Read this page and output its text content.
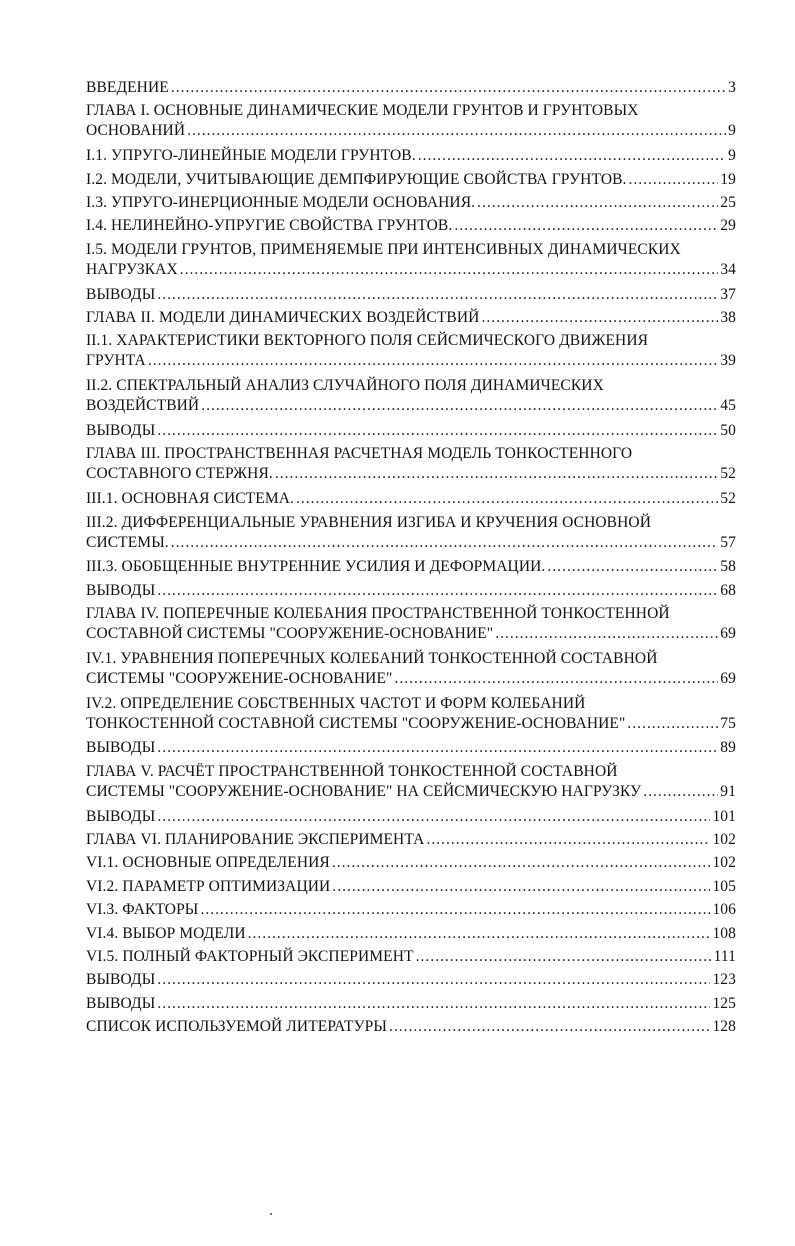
ВВЕДЕНИЕ .....	3
ГЛАВА I. ОСНОВНЫЕ ДИНАМИЧЕСКИЕ МОДЕЛИ ГРУНТОВ И ГРУНТОВЫХ
ОСНОВАНИЙ .....	9
I.1. УПРУГО-ЛИНЕЙНЫЕ МОДЕЛИ ГРУНТОВ. .....	9
I.2. МОДЕЛИ, УЧИТЫВАЮЩИЕ ДЕМПФИРУЮЩИЕ СВОЙСТВА ГРУНТОВ. .....	19
I.3. УПРУГО-ИНЕРЦИОННЫЕ МОДЕЛИ ОСНОВАНИЯ. .....	25
I.4. НЕЛИНЕЙНО-УПРУГИЕ СВОЙСТВА ГРУНТОВ. .....	29
I.5. МОДЕЛИ ГРУНТОВ, ПРИМЕНЯЕМЫЕ ПРИ ИНТЕНСИВНЫХ ДИНАМИЧЕСКИХ
НАГРУЗКАХ .....	34
ВЫВОДЫ .....	37
ГЛАВА II. МОДЕЛИ ДИНАМИЧЕСКИХ ВОЗДЕЙСТВИЙ .....	38
II.1. ХАРАКТЕРИСТИКИ ВЕКТОРНОГО ПОЛЯ СЕЙСМИЧЕСКОГО ДВИЖЕНИЯ
ГРУНТА .....	39
II.2. СПЕКТРАЛЬНЫЙ АНАЛИЗ СЛУЧАЙНОГО ПОЛЯ ДИНАМИЧЕСКИХ
ВОЗДЕЙСТВИЙ .....	45
ВЫВОДЫ .....	50
ГЛАВА III. ПРОСТРАНСТВЕННАЯ РАСЧЕТНАЯ МОДЕЛЬ ТОНКОСТЕННОГО
СОСТАВНОГО СТЕРЖНЯ. .....	52
III.1. ОСНОВНАЯ СИСТЕМА. .....	52
III.2. ДИФФЕРЕНЦИАЛЬНЫЕ УРАВНЕНИЯ ИЗГИБА И КРУЧЕНИЯ ОСНОВНОЙ
СИСТЕМЫ. .....	57
III.3. ОБОБЩЕННЫЕ ВНУТРЕННИЕ УСИЛИЯ И ДЕФОРМАЦИИ. .....	58
ВЫВОДЫ .....	68
ГЛАВА IV. ПОПЕРЕЧНЫЕ КОЛЕБАНИЯ ПРОСТРАНСТВЕННОЙ ТОНКОСТЕННОЙ
СОСТАВНОЙ СИСТЕМЫ "СООРУЖЕНИЕ-ОСНОВАНИЕ" .....	69
IV.1. УРАВНЕНИЯ ПОПЕРЕЧНЫХ КОЛЕБАНИЙ ТОНКОСТЕННОЙ СОСТАВНОЙ
СИСТЕМЫ "СООРУЖЕНИЕ-ОСНОВАНИЕ" .....	69
IV.2. ОПРЕДЕЛЕНИЕ СОБСТВЕННЫХ ЧАСТОТ И ФОРМ КОЛЕБАНИЙ
ТОНКОСТЕННОЙ СОСТАВНОЙ СИСТЕМЫ "СООРУЖЕНИЕ-ОСНОВАНИЕ" .....	75
ВЫВОДЫ .....	89
ГЛАВА V. РАСЧЁТ ПРОСТРАНСТВЕННОЙ ТОНКОСТЕННОЙ СОСТАВНОЙ
СИСТЕМЫ "СООРУЖЕНИЕ-ОСНОВАНИЕ" НА СЕЙСМИЧЕСКУЮ НАГРУЗКУ .....	91
ВЫВОДЫ .....	101
ГЛАВА VI. ПЛАНИРОВАНИЕ ЭКСПЕРИМЕНТА .....	102
VI.1. ОСНОВНЫЕ ОПРЕДЕЛЕНИЯ .....	102
VI.2. ПАРАМЕТР ОПТИМИЗАЦИИ .....	105
VI.3. ФАКТОРЫ .....	106
VI.4. ВЫБОР МОДЕЛИ .....	108
VI.5. ПОЛНЫЙ ФАКТОРНЫЙ ЭКСПЕРИМЕНТ .....	111
ВЫВОДЫ .....	123
ВЫВОДЫ .....	125
СПИСОК ИСПОЛЬЗУЕМОЙ ЛИТЕРАТУРЫ .....	128
